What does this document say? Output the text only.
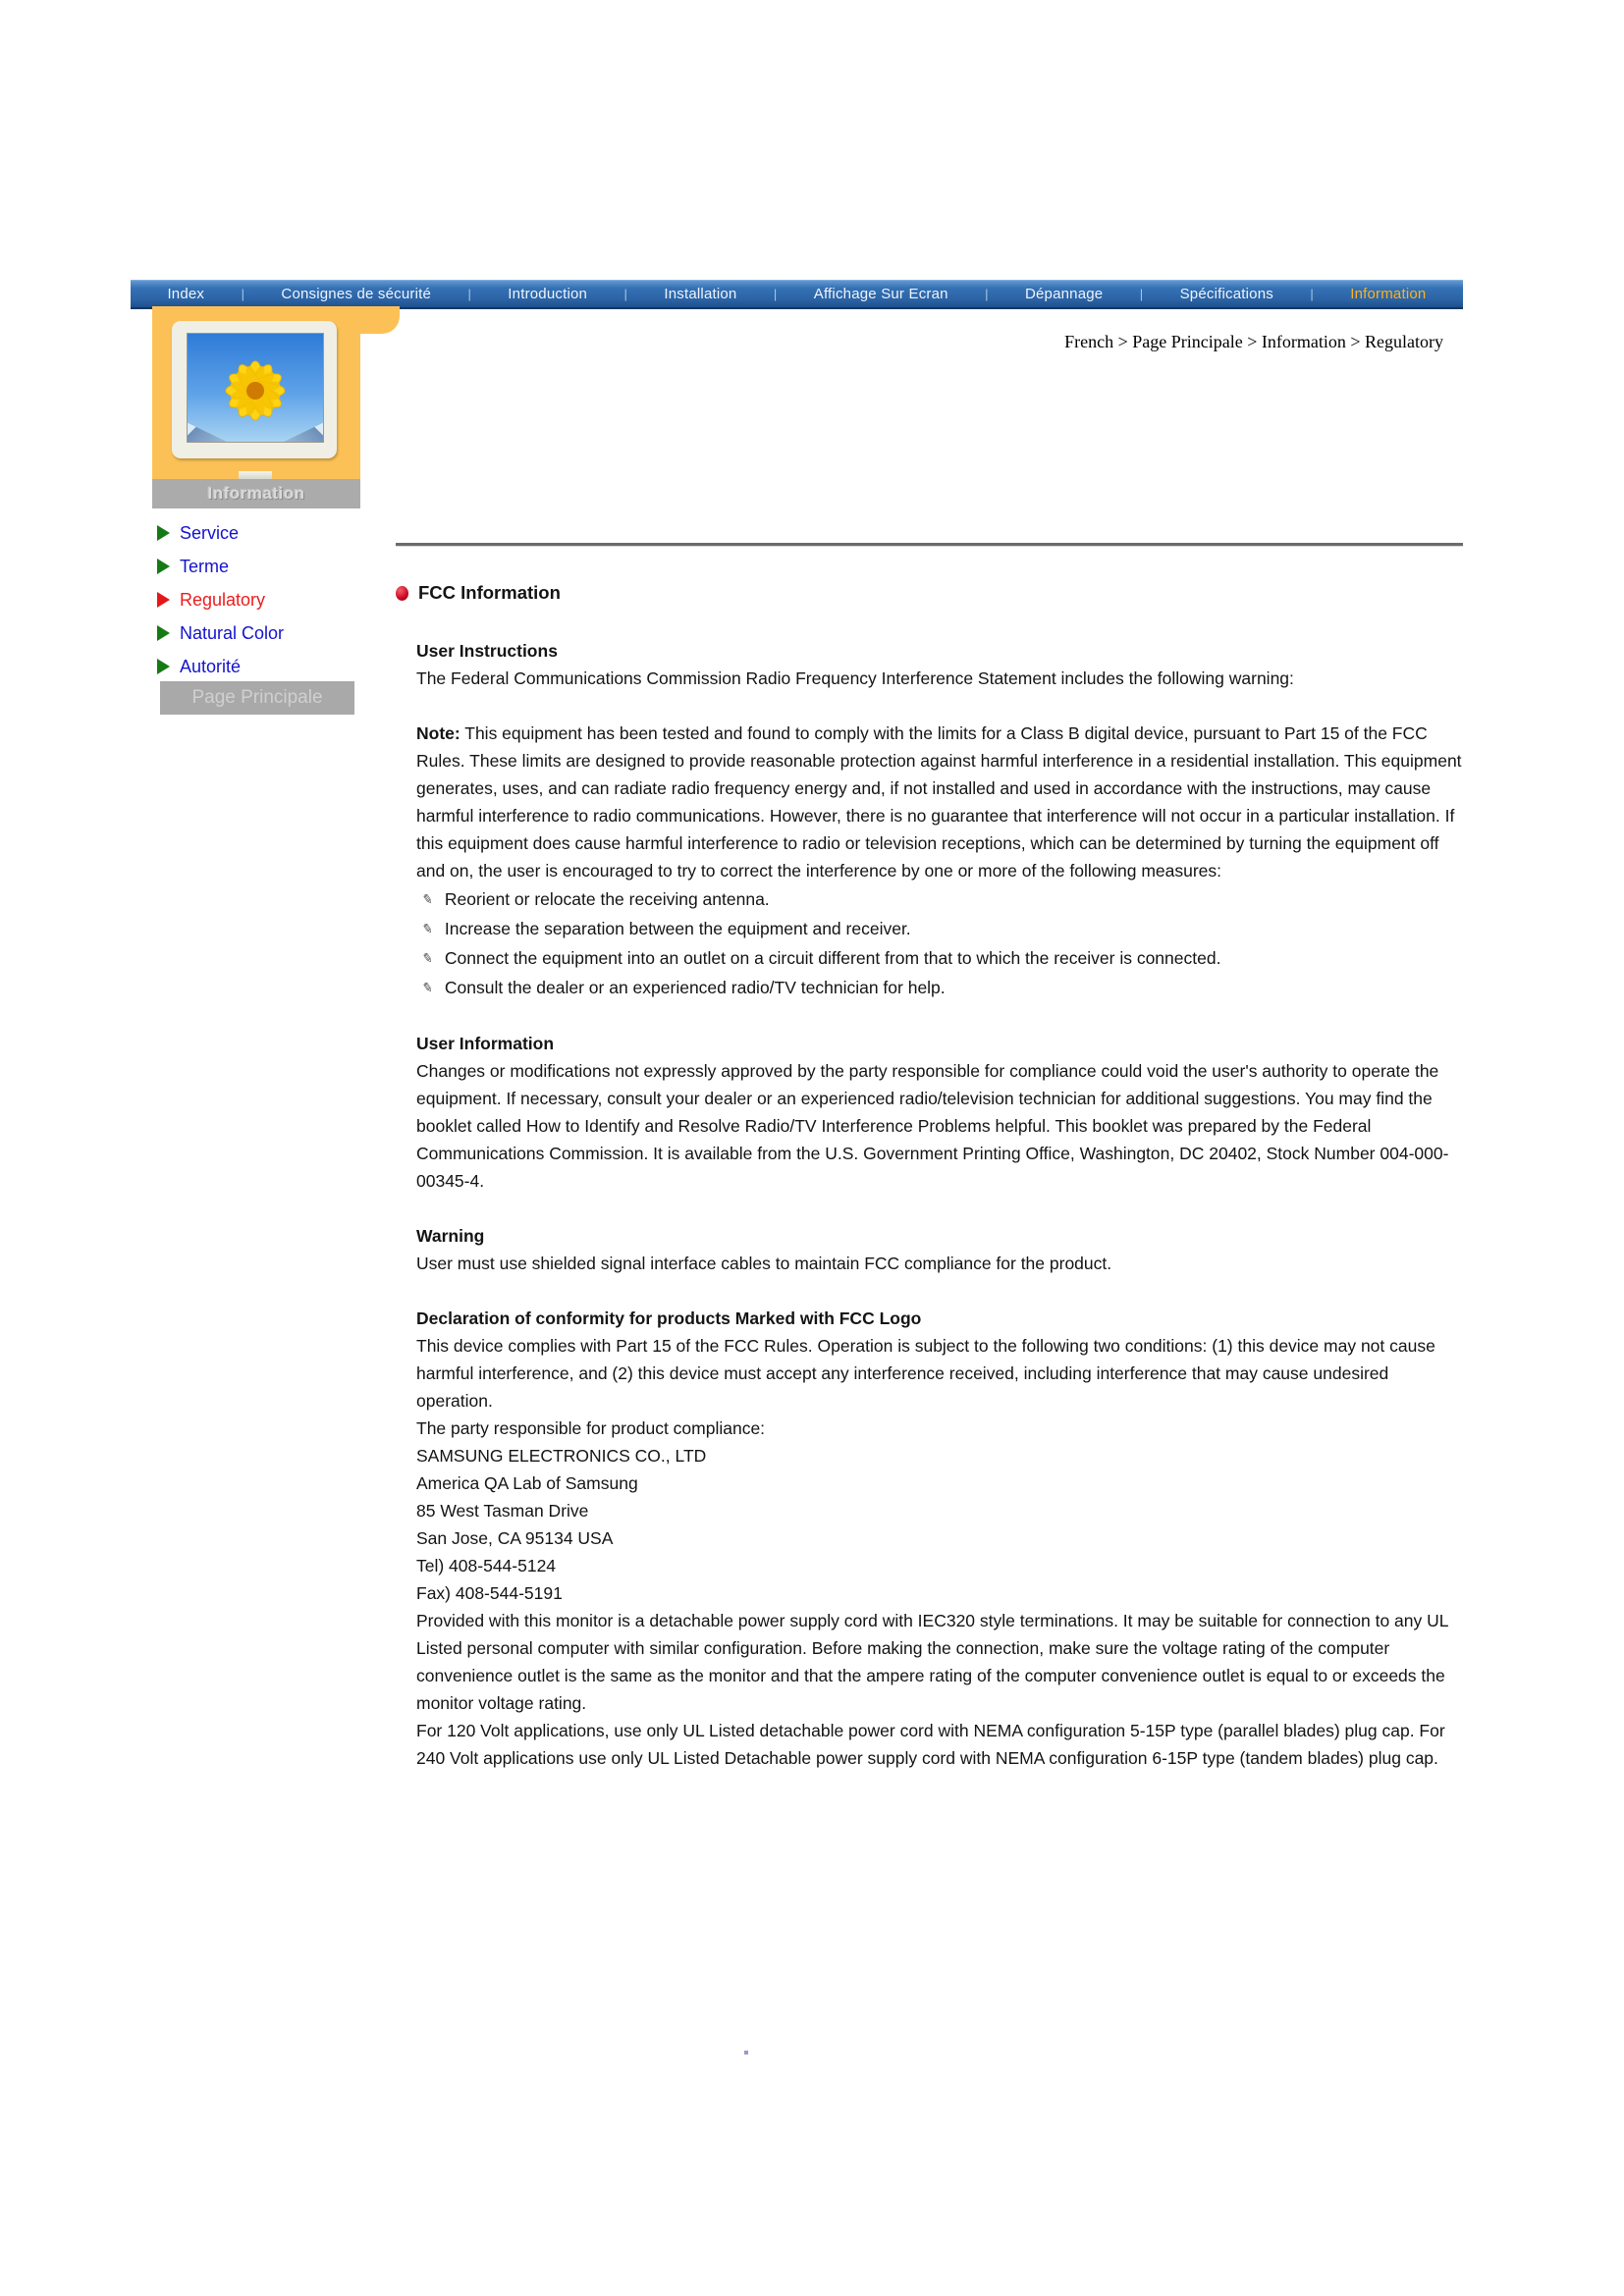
Index	| Consignes de sécurité	| Introduction	| Installation	| Affichage Sur Ecran	| Dépannage	| Spécifications	| Information
French > Page Principale > Information > Regulatory
Information
Service
Terme
Regulatory
Natural Color
Autorité
Page Principale
FCC Information

User Instructions

The Federal Communications Commission Radio Frequency Interference Statement includes the following warning:

Note: This equipment has been tested and found to comply with the limits for a Class B digital device, pursuant to Part 15 of the FCC Rules. These limits are designed to provide reasonable protection against harmful interference in a residential installation. This equipment generates, uses, and can radiate radio frequency energy and, if not installed and used in accordance with the instructions, may cause harmful interference to radio communications. However, there is no guarantee that interference will not occur in a particular installation. If this equipment does cause harmful interference to radio or television receptions, which can be determined by turning the equipment off and on, the user is encouraged to try to correct the interference by one or more of the following measures:

✎ Reorient or relocate the receiving antenna.
✎ Increase the separation between the equipment and receiver.
✎ Connect the equipment into an outlet on a circuit different from that to which the receiver is connected.
✎ Consult the dealer or an experienced radio/TV technician for help.

User Information

Changes or modifications not expressly approved by the party responsible for compliance could void the user's authority to operate the equipment. If necessary, consult your dealer or an experienced radio/television technician for additional suggestions. You may find the booklet called How to Identify and Resolve Radio/TV Interference Problems helpful. This booklet was prepared by the Federal Communications Commission. It is available from the U.S. Government Printing Office, Washington, DC 20402, Stock Number 004-000-00345-4.

Warning

User must use shielded signal interface cables to maintain FCC compliance for the product.

Declaration of conformity for products Marked with FCC Logo

This device complies with Part 15 of the FCC Rules. Operation is subject to the following two conditions: (1) this device may not cause harmful interference, and (2) this device must accept any interference received, including interference that may cause undesired operation.

The party responsible for product compliance:

SAMSUNG ELECTRONICS CO., LTD

America QA Lab of Samsung

85 West Tasman Drive

San Jose, CA 95134 USA

Tel) 408-544-5124

Fax) 408-544-5191

Provided with this monitor is a detachable power supply cord with IEC320 style terminations. It may be suitable for connection to any UL Listed personal computer with similar configuration. Before making the connection, make sure the voltage rating of the computer convenience outlet is the same as the monitor and that the ampere rating of the computer convenience outlet is equal to or exceeds the monitor voltage rating.

For 120 Volt applications, use only UL Listed detachable power cord with NEMA configuration 5-15P type (parallel blades) plug cap. For 240 Volt applications use only UL Listed Detachable power supply cord with NEMA configuration 6-15P type (tandem blades) plug cap.
